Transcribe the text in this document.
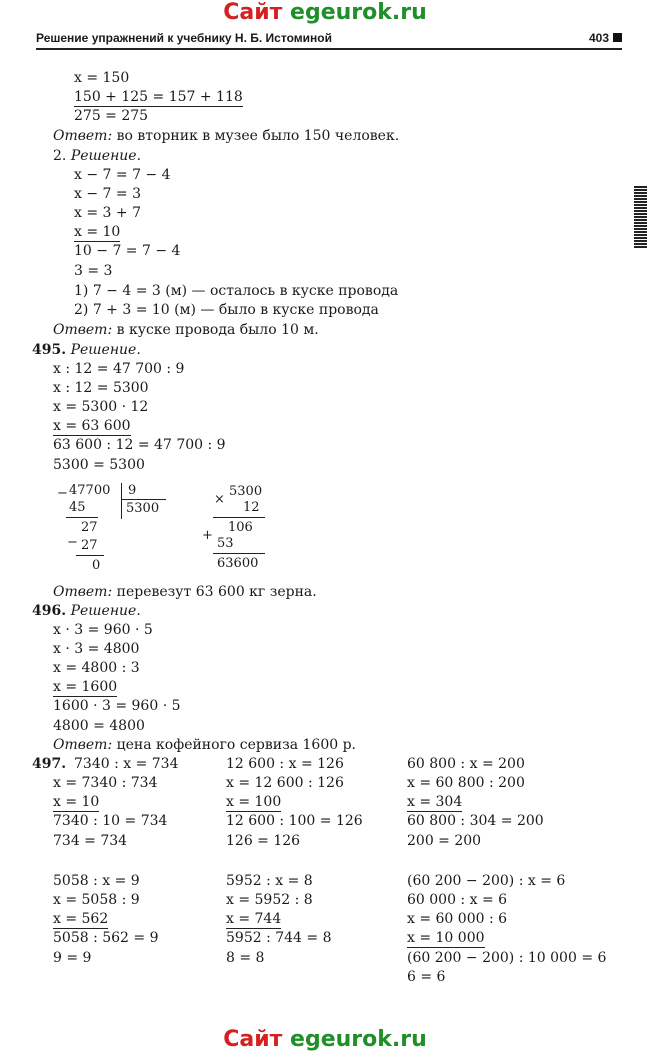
Сайт egeurok.ru
Решение упражнений к учебнику Н. Б. Истоминой	403
x = 150
150 + 125 = 157 + 118
275 = 275
Ответ: во вторник в музее было 150 человек.
2. Решение.
x − 7 = 7 − 4
x − 7 = 3
x = 3 + 7
x = 10
10 − 7 = 7 − 4
3 = 3
1) 7 − 4 = 3 (м) — осталось в куске провода
2) 7 + 3 = 10 (м) — было в куске провода
Ответ: в куске провода было 10 м.
495. Решение.
x : 12 = 47 700 : 9
x : 12 = 5300
x = 5300 · 12
x = 63 600
63 600 : 12 = 47 700 : 9
5300 = 5300
− 47700 9
5300
45
27
− 27
0
×
5300
12
106
+
53
63600
Ответ: перевезут 63 600 кг зерна.
496. Решение.
x · 3 = 960 · 5
x · 3 = 4800
x = 4800 : 3
x = 1600
1600 · 3 = 960 · 5
4800 = 4800
Ответ: цена кофейного сервиза 1600 р.
497. 7340 : x = 734
x = 7340 : 734
x = 10
7340 : 10 = 734
734 = 734
12 600 : x = 126
x = 12 600 : 126
x = 100
12 600 : 100 = 126
126 = 126
60 800 : x = 200
x = 60 800 : 200
x = 304
60 800 : 304 = 200
200 = 200
5058 : x = 9
x = 5058 : 9
x = 562
5058 : 562 = 9
9 = 9
5952 : x = 8
x = 5952 : 8
x = 744
5952 : 744 = 8
8 = 8
(60 200 − 200) : x = 6
60 000 : x = 6
x = 60 000 : 6
x = 10 000
(60 200 − 200) : 10 000 = 6
6 = 6
Сайт egeurok.ru
